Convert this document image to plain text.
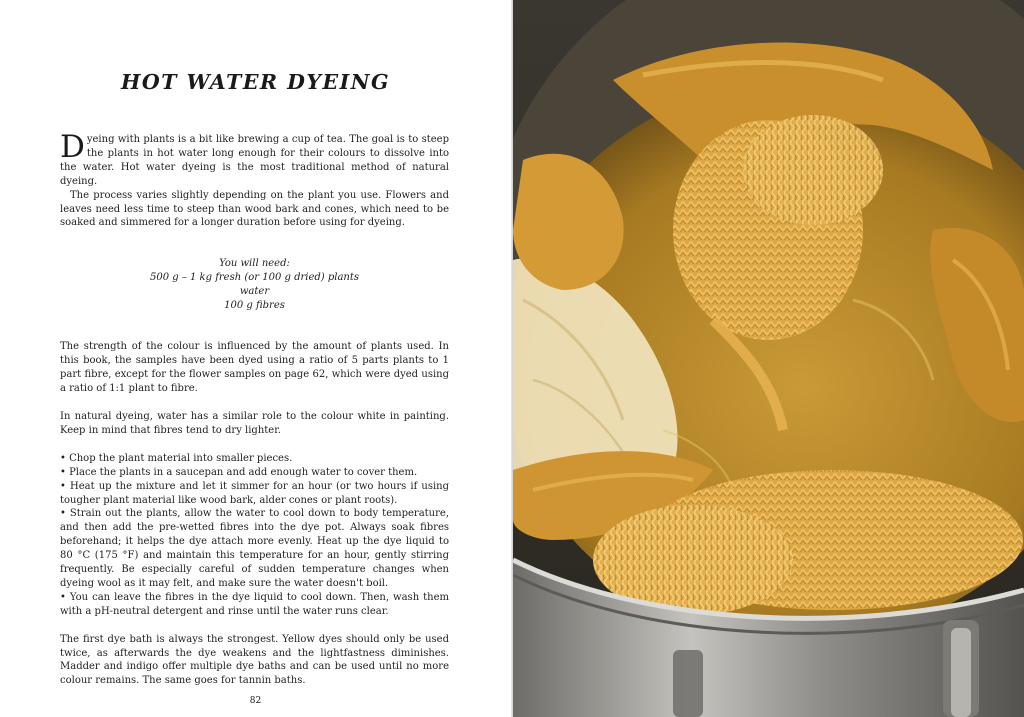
HOT WATER DYEING

Dyeing with plants is a bit like brewing a cup of tea. The goal is to steep the plants in hot water long enough for their colours to dissolve into the water. Hot water dyeing is the most traditional method of natural dyeing.

The process varies slightly depending on the plant you use. Flowers and leaves need less time to steep than wood bark and cones, which need to be soaked and simmered for a longer duration before using for dyeing.

You will need:
500 g – 1 kg fresh (or 100 g dried) plants
water
100 g fibres

The strength of the colour is influenced by the amount of plants used. In this book, the samples have been dyed using a ratio of 5 parts plants to 1 part fibre, except for the flower samples on page 62, which were dyed using a ratio of 1:1 plant to fibre.

In natural dyeing, water has a similar role to the colour white in painting. Keep in mind that fibres tend to dry lighter.

• Chop the plant material into smaller pieces.
• Place the plants in a saucepan and add enough water to cover them.
• Heat up the mixture and let it simmer for an hour (or two hours if using tougher plant material like wood bark, alder cones or plant roots).
• Strain out the plants, allow the water to cool down to body temperature, and then add the pre-wetted fibres into the dye pot. Always soak fibres beforehand; it helps the dye attach more evenly. Heat up the dye liquid to 80 °C (175 °F) and maintain this temperature for an hour, gently stirring frequently. Be especially careful of sudden temperature changes when dyeing wool as it may felt, and make sure the water doesn't boil.
• You can leave the fibres in the dye liquid to cool down. Then, wash them with a pH-neutral detergent and rinse until the water runs clear.

The first dye bath is always the strongest. Yellow dyes should only be used twice, as afterwards the dye weakens and the lightfastness diminishes. Madder and indigo offer multiple dye baths and can be used until no more colour remains. The same goes for tannin baths.

82
